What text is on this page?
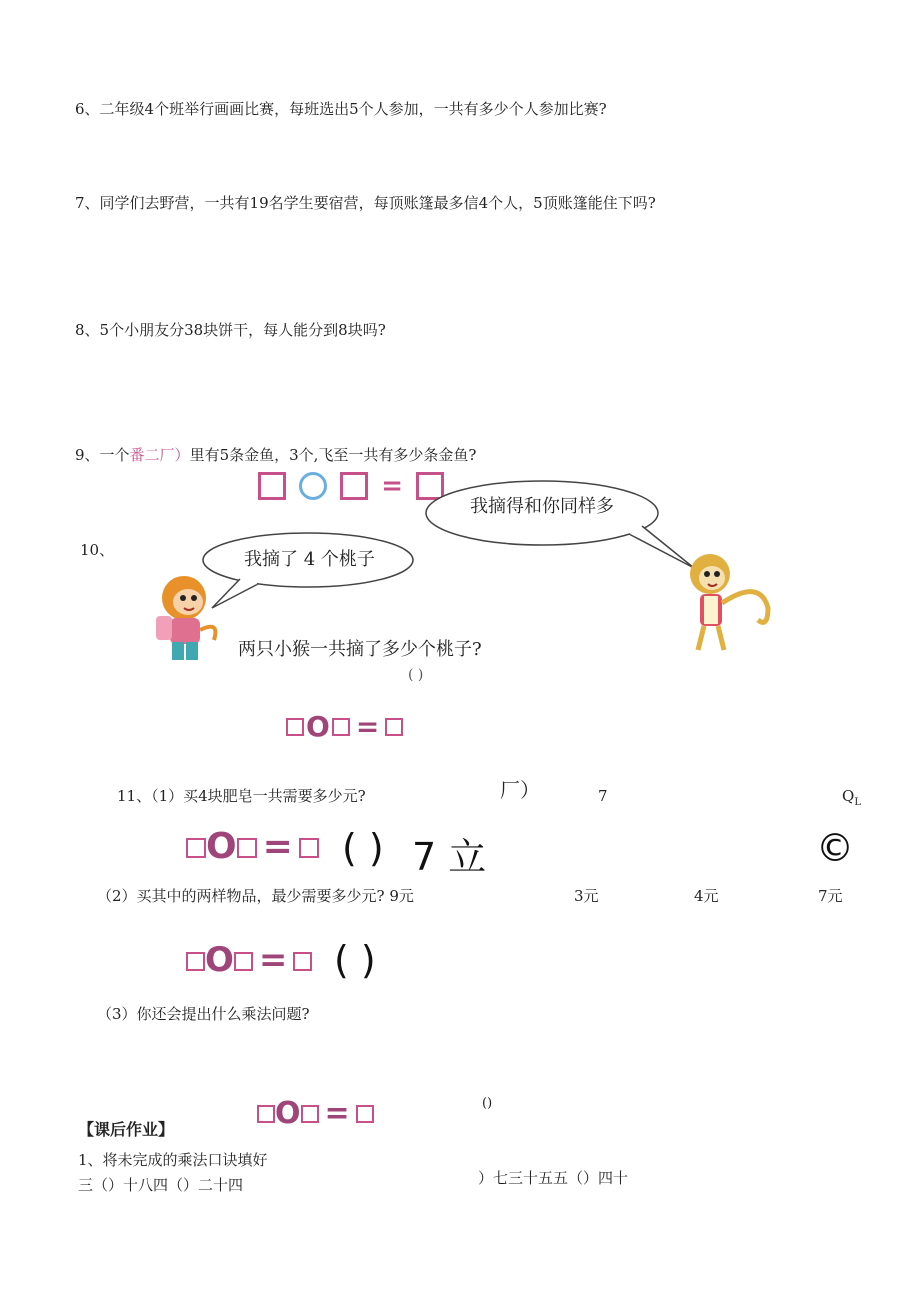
6、二年级4个班举行画画比赛，每班选出5个人参加，一共有多少个人参加比赛?
7、同学们去野营，一共有19名学生要宿营，每顶账篷最多信4个人，5顶账篷能住下吗?
8、5个小朋友分38块饼干，每人能分到8块吗?
9、一个番二厂）里有5条金鱼，3个,飞至一共有多少条金鱼?
=
10、
我摘得和你同样多
我摘了 4 个桃子
两只小猴一共摘了多少个桃子?
( )
O =
11、（1）买4块肥皂一共需要多少元?	厂）	7	$Q_L$
O =	( ) 7 立	©
（2）买其中的两样物品，最少需要多少元? 9元	3元	4元	7元
O =	( )
（3）你还会提出什么乘法问题?
O =	()
【课后作业】
1、将未完成的乘法口诀填好
三（）十八四（）二十四	）七三十五五（）四十
